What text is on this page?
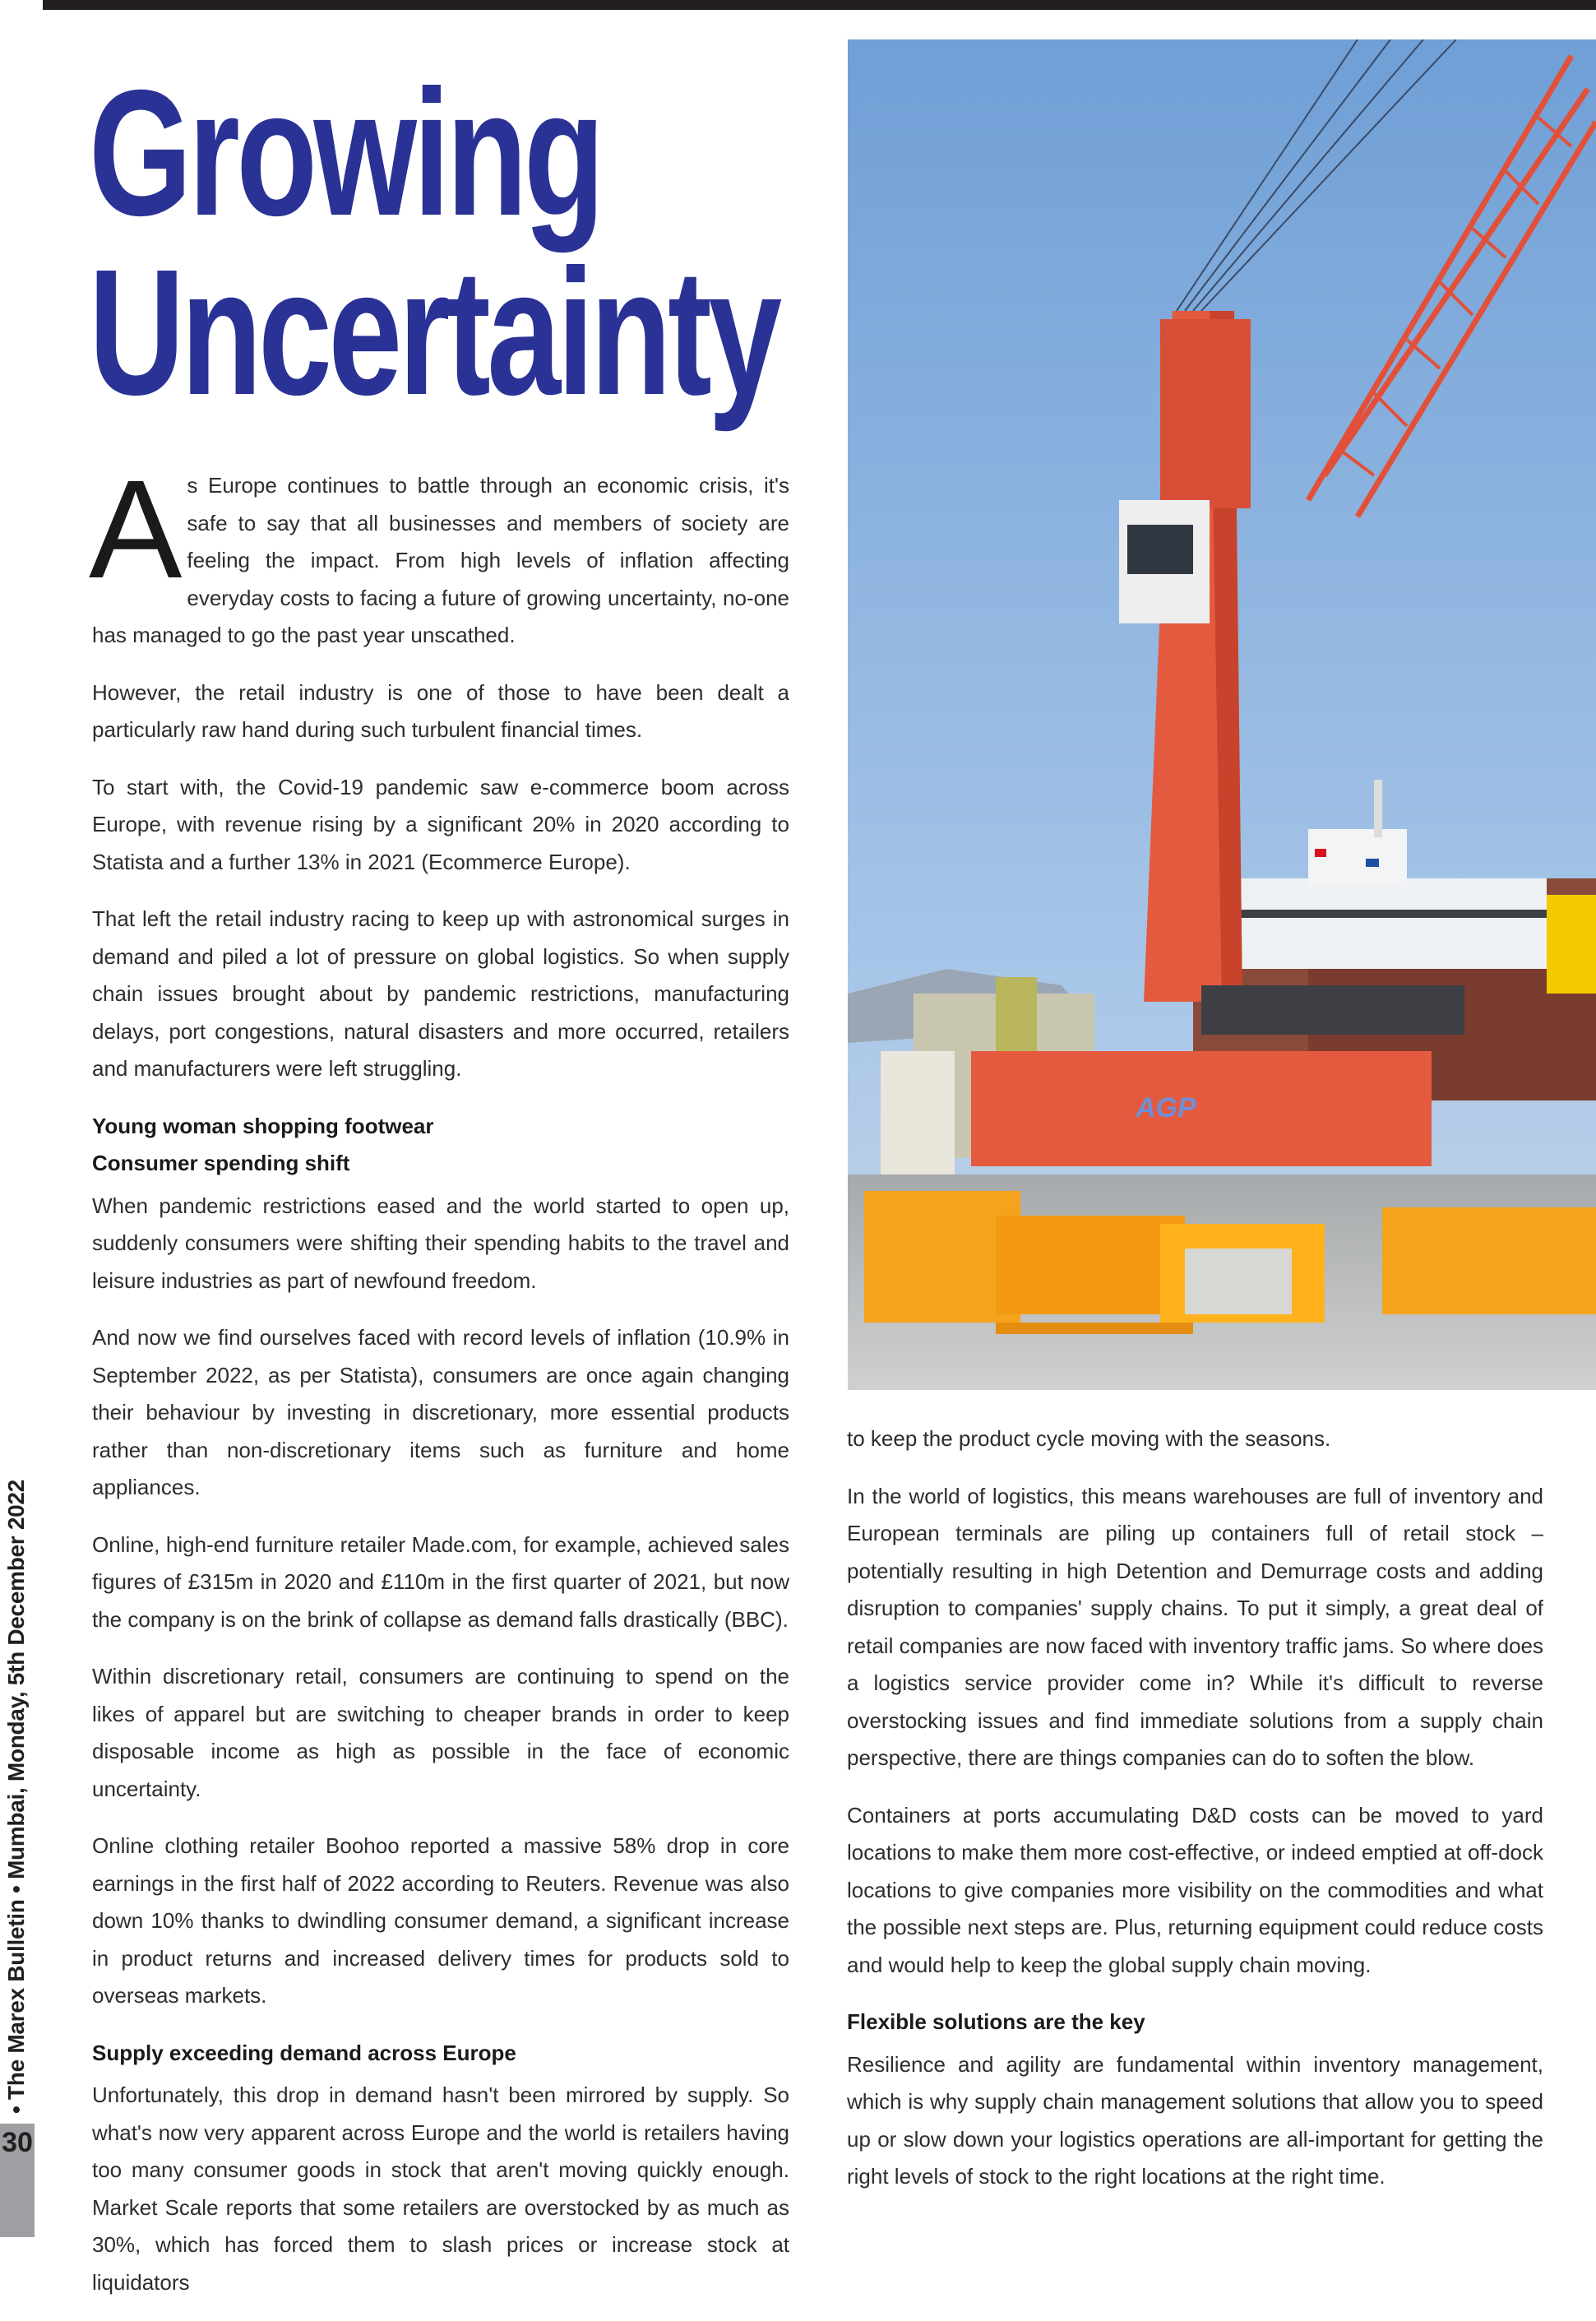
Growing
Uncertainty

As Europe continues to battle through an economic crisis, it's safe to say that all businesses and members of society are feeling the impact. From high levels of inflation affecting everyday costs to facing a future of growing uncertainty, no-one has managed to go the past year unscathed.

However, the retail industry is one of those to have been dealt a particularly raw hand during such turbulent financial times.

To start with, the Covid-19 pandemic saw e-commerce boom across Europe, with revenue rising by a significant 20% in 2020 according to Statista and a further 13% in 2021 (Ecommerce Europe).

That left the retail industry racing to keep up with astronomical surges in demand and piled a lot of pressure on global logistics. So when supply chain issues brought about by pandemic restrictions, manufacturing delays, port congestions, natural disasters and more occurred, retailers and manufacturers were left struggling.

Young woman shopping footwear
Consumer spending shift

When pandemic restrictions eased and the world started to open up, suddenly consumers were shifting their spending habits to the travel and leisure industries as part of newfound freedom.

And now we find ourselves faced with record levels of inflation (10.9% in September 2022, as per Statista), consumers are once again changing their behaviour by investing in discretionary, more essential products rather than non-discretionary items such as furniture and home appliances.

Online, high-end furniture retailer Made.com, for example, achieved sales figures of £315m in 2020 and £110m in the first quarter of 2021, but now the company is on the brink of collapse as demand falls drastically (BBC).

Within discretionary retail, consumers are continuing to spend on the likes of apparel but are switching to cheaper brands in order to keep disposable income as high as possible in the face of economic uncertainty.

Online clothing retailer Boohoo reported a massive 58% drop in core earnings in the first half of 2022 according to Reuters. Revenue was also down 10% thanks to dwindling consumer demand, a significant increase in product returns and increased delivery times for products sold to overseas markets.

Supply exceeding demand across Europe

Unfortunately, this drop in demand hasn't been mirrored by supply. So what's now very apparent across Europe and the world is retailers having too many consumer goods in stock that aren't moving quickly enough. Market Scale reports that some retailers are overstocked by as much as 30%, which has forced them to slash prices or increase stock at liquidators

AGP

to keep the product cycle moving with the seasons.

In the world of logistics, this means warehouses are full of inventory and European terminals are piling up containers full of retail stock – potentially resulting in high Detention and Demurrage costs and adding disruption to companies' supply chains. To put it simply, a great deal of retail companies are now faced with inventory traffic jams. So where does a logistics service provider come in? While it's difficult to reverse overstocking issues and find immediate solutions from a supply chain perspective, there are things companies can do to soften the blow.

Containers at ports accumulating D&D costs can be moved to yard locations to make them more cost-effective, or indeed emptied at off-dock locations to give companies more visibility on the commodities and what the possible next steps are. Plus, returning equipment could reduce costs and would help to keep the global supply chain moving.

Flexible solutions are the key

Resilience and agility are fundamental within inventory management, which is why supply chain management solutions that allow you to speed up or slow down your logistics operations are all-important for getting the right levels of stock to the right locations at the right time.

30
• The Marex Bulletin • Mumbai, Monday, 5th December 2022
